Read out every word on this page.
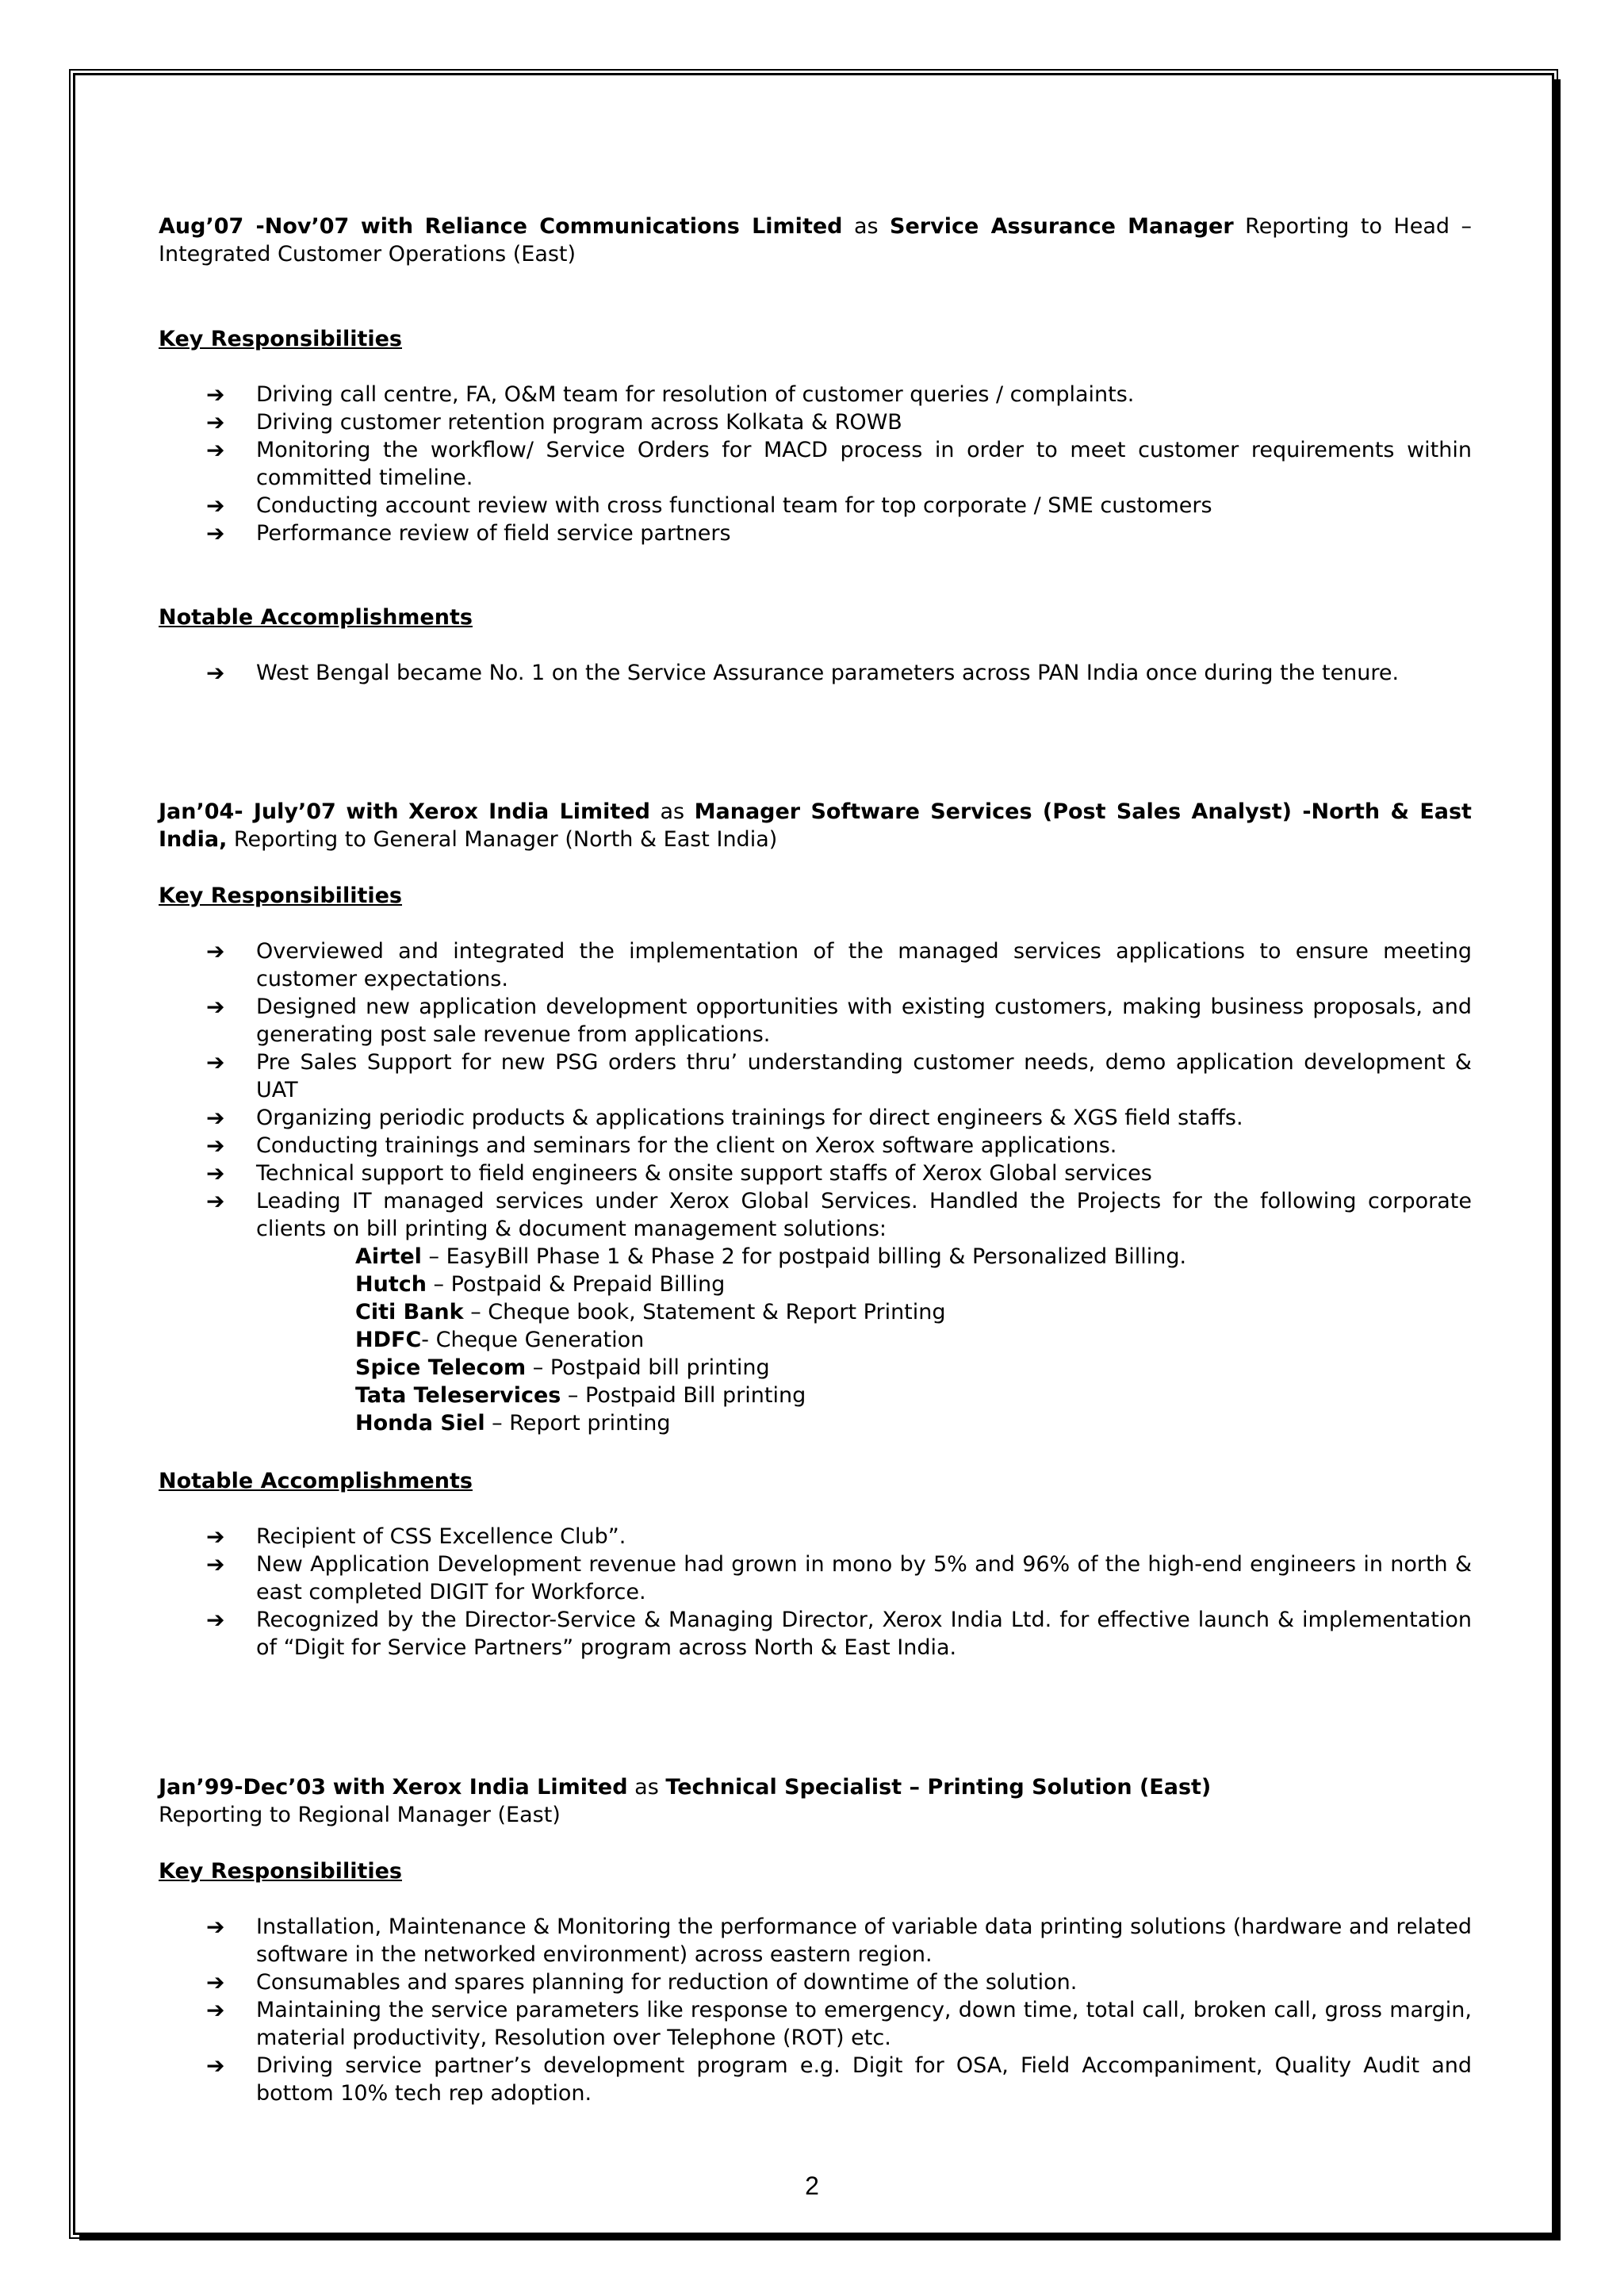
Aug’07 -Nov’07 with Reliance Communications Limited as Service Assurance Manager Reporting to Head – Integrated Customer Operations (East)

Key Responsibilities

➔ Driving call centre, FA, O&M team for resolution of customer queries / complaints.
➔ Driving customer retention program across Kolkata & ROWB
➔ Monitoring the workflow/ Service Orders for MACD process in order to meet customer requirements within committed timeline.
➔ Conducting account review with cross functional team for top corporate / SME customers
➔ Performance review of field service partners

Notable Accomplishments

➔ West Bengal became No. 1 on the Service Assurance parameters across PAN India once during the tenure.

Jan’04- July’07 with Xerox India Limited as Manager Software Services (Post Sales Analyst) -North & East India, Reporting to General Manager (North & East India)

Key Responsibilities

➔ Overviewed and integrated the implementation of the managed services applications to ensure meeting customer expectations.
➔ Designed new application development opportunities with existing customers, making business proposals, and generating post sale revenue from applications.
➔ Pre Sales Support for new PSG orders thru’ understanding customer needs, demo application development & UAT
➔ Organizing periodic products & applications trainings for direct engineers & XGS field staffs.
➔ Conducting trainings and seminars for the client on Xerox software applications.
➔ Technical support to field engineers & onsite support staffs of Xerox Global services
➔ Leading IT managed services under Xerox Global Services. Handled the Projects for the following corporate clients on bill printing & document management solutions:
Airtel – EasyBill Phase 1 & Phase 2 for postpaid billing & Personalized Billing.
Hutch – Postpaid & Prepaid Billing
Citi Bank – Cheque book, Statement & Report Printing
HDFC- Cheque Generation
Spice Telecom – Postpaid bill printing
Tata Teleservices – Postpaid Bill printing
Honda Siel – Report printing

Notable Accomplishments

➔ Recipient of CSS Excellence Club”.
➔ New Application Development revenue had grown in mono by 5% and 96% of the high-end engineers in north & east completed DIGIT for Workforce.
➔ Recognized by the Director-Service & Managing Director, Xerox India Ltd. for effective launch & implementation of “Digit for Service Partners” program across North & East India.

Jan’99-Dec’03 with Xerox India Limited as Technical Specialist – Printing Solution (East)
Reporting to Regional Manager (East)

Key Responsibilities

➔ Installation, Maintenance & Monitoring the performance of variable data printing solutions (hardware and related software in the networked environment) across eastern region.
➔ Consumables and spares planning for reduction of downtime of the solution.
➔ Maintaining the service parameters like response to emergency, down time, total call, broken call, gross margin, material productivity, Resolution over Telephone (ROT) etc.
➔ Driving service partner’s development program e.g. Digit for OSA, Field Accompaniment, Quality Audit and bottom 10% tech rep adoption.
2
